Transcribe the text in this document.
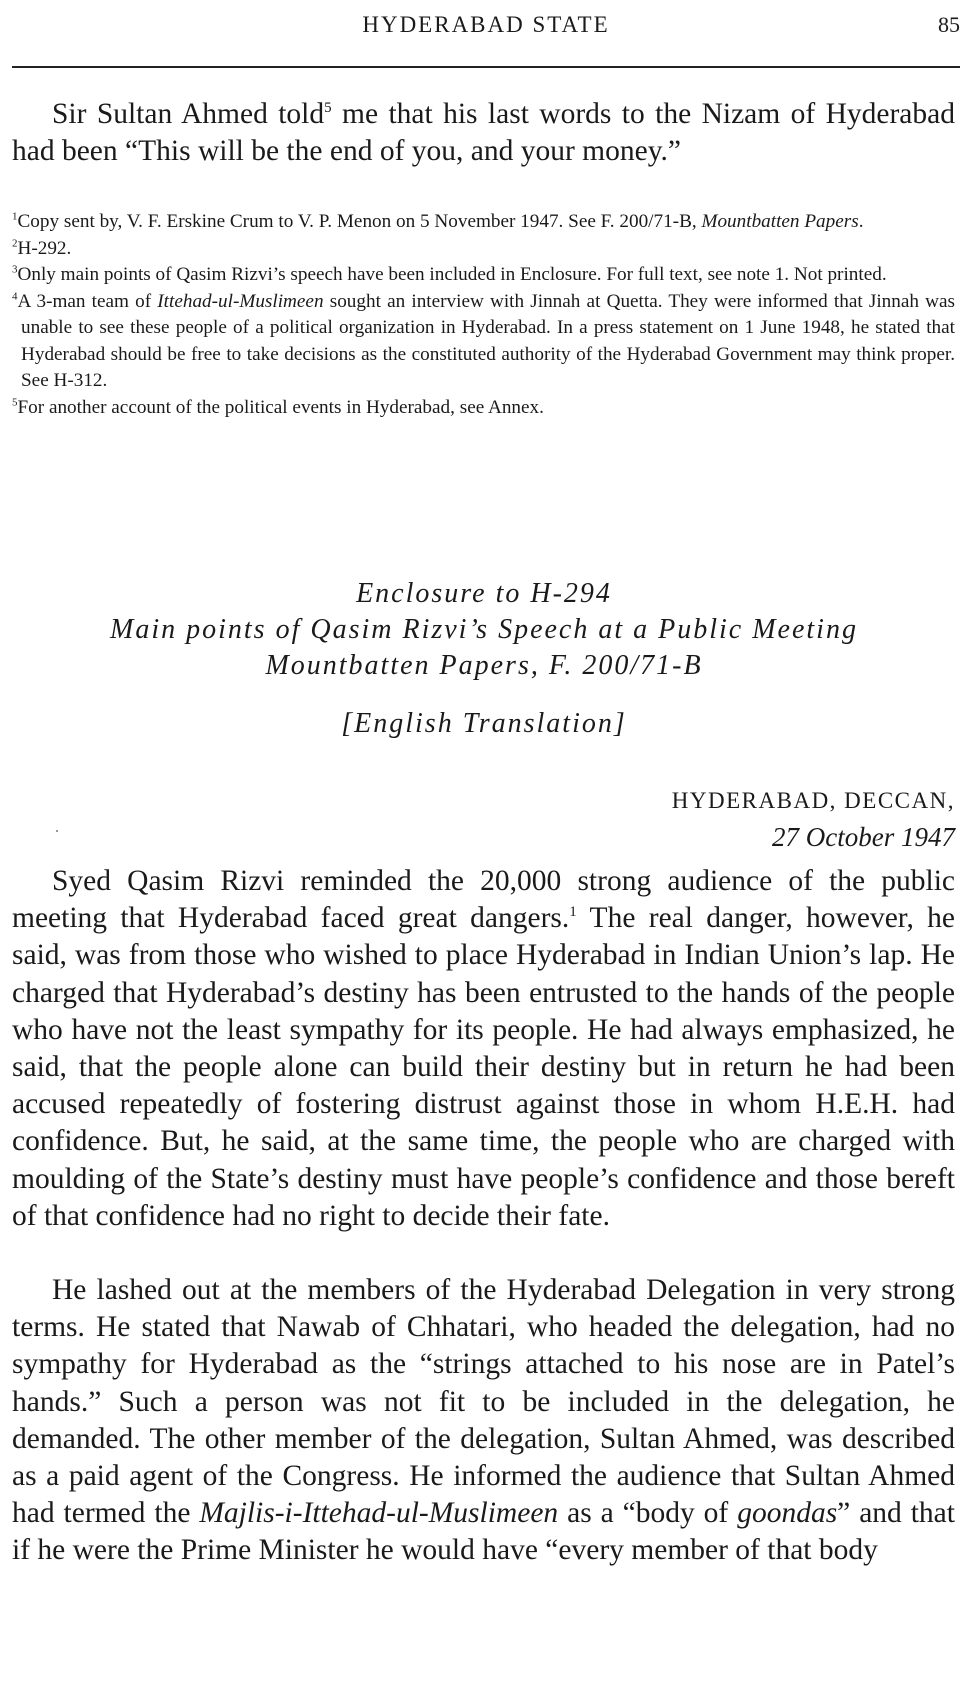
HYDERABAD STATE	85

Sir Sultan Ahmed told$^5$ me that his last words to the Nizam of Hyderabad had been “This will be the end of you, and your money.”

$^1$Copy sent by, V. F. Erskine Crum to V. P. Menon on 5 November 1947. See F. 200/71-B, Mountbatten Papers.

$^2$H-292.

$^3$Only main points of Qasim Rizvi’s speech have been included in Enclosure. For full text, see note 1. Not printed.

$^4$A 3-man team of Ittehad-ul-Muslimeen sought an interview with Jinnah at Quetta. They were informed that Jinnah was unable to see these people of a political organization in Hyderabad. In a press statement on 1 June 1948, he stated that Hyderabad should be free to take decisions as the constituted authority of the Hyderabad Government may think proper. See H-312.

$^5$For another account of the political events in Hyderabad, see Annex.

Enclosure to H-294

Main points of Qasim Rizvi’s Speech at a Public Meeting

Mountbatten Papers, F. 200/71-B

[English Translation]

HYDERABAD, DECCAN,

27 October 1947

Syed Qasim Rizvi reminded the 20,000 strong audience of the public meeting that Hyderabad faced great dangers.$^1$ The real danger, however, he said, was from those who wished to place Hyderabad in Indian Union’s lap. He charged that Hyderabad’s destiny has been entrusted to the hands of the people who have not the least sympathy for its people. He had always emphasized, he said, that the people alone can build their destiny but in return he had been accused repeatedly of fostering distrust against those in whom H.E.H. had confidence. But, he said, at the same time, the people who are charged with moulding of the State’s destiny must have people’s confidence and those bereft of that confidence had no right to decide their fate.

He lashed out at the members of the Hyderabad Delegation in very strong terms. He stated that Nawab of Chhatari, who headed the delegation, had no sympathy for Hyderabad as the “strings attached to his nose are in Patel’s hands.” Such a person was not fit to be included in the delegation, he demanded. The other member of the delegation, Sultan Ahmed, was described as a paid agent of the Congress. He informed the audience that Sultan Ahmed had termed the Majlis-i-Ittehad-ul-Muslimeen as a “body of goondas” and that if he were the Prime Minister he would have “every member of that body
